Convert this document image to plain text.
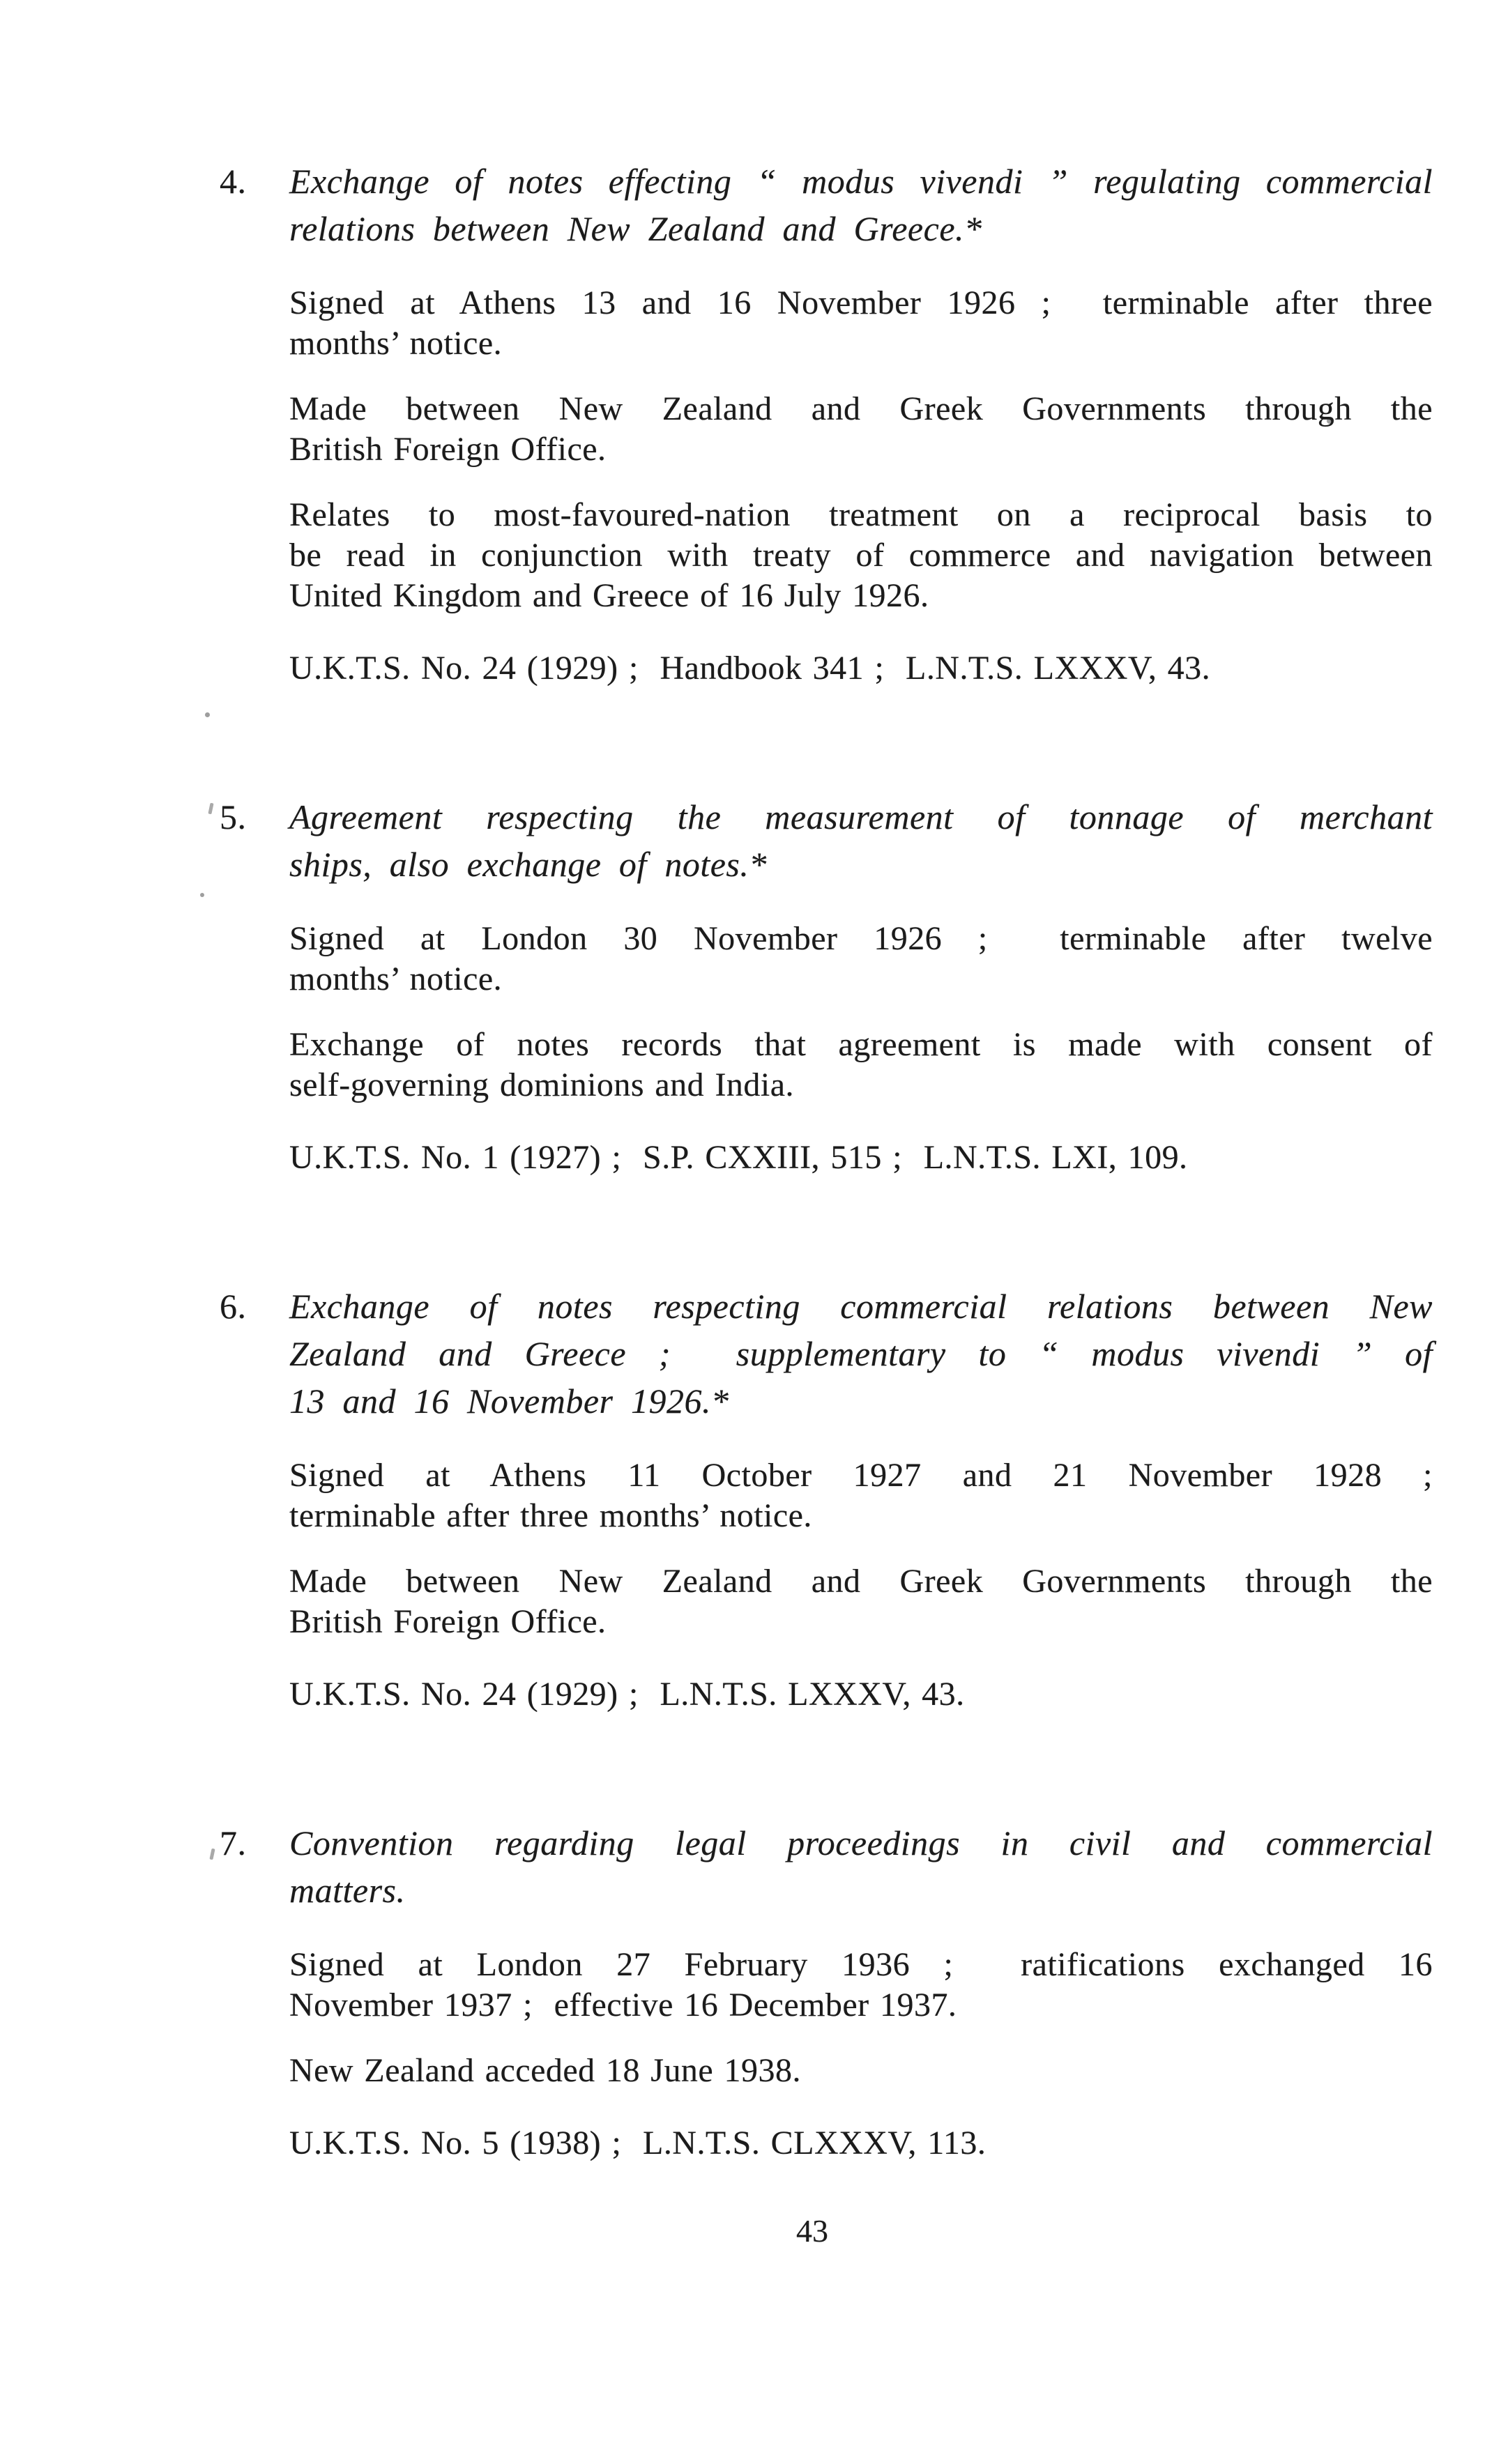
4. Exchange of notes effecting “ modus vivendi ” regulating commercial
relations between New Zealand and Greece.*
Signed at Athens 13 and 16 November 1926 ;  terminable after three
months’ notice.
Made between New Zealand and Greek Governments through the
British Foreign Office.
Relates to most-favoured-nation treatment on a reciprocal basis to
be read in conjunction with treaty of commerce and navigation between
United Kingdom and Greece of 16 July 1926.
U.K.T.S. No. 24 (1929) ;  Handbook 341 ;  L.N.T.S. LXXXV, 43.
5. Agreement respecting the measurement of tonnage of merchant
ships, also exchange of notes.*
Signed at London 30 November 1926 ;  terminable after twelve
months’ notice.
Exchange of notes records that agreement is made with consent of
self-governing dominions and India.
U.K.T.S. No. 1 (1927) ;  S.P. CXXIII, 515 ;  L.N.T.S. LXI, 109.
6. Exchange of notes respecting commercial relations between New
Zealand and Greece ;  supplementary to “ modus vivendi ” of
13 and 16 November 1926.*
Signed at Athens 11 October 1927 and 21 November 1928 ;
terminable after three months’ notice.
Made between New Zealand and Greek Governments through the
British Foreign Office.
U.K.T.S. No. 24 (1929) ;  L.N.T.S. LXXXV, 43.
7. Convention regarding legal proceedings in civil and commercial
matters.
Signed at London 27 February 1936 ;  ratifications exchanged 16
November 1937 ;  effective 16 December 1937.
New Zealand acceded 18 June 1938.
U.K.T.S. No. 5 (1938) ;  L.N.T.S. CLXXXV, 113.
43
